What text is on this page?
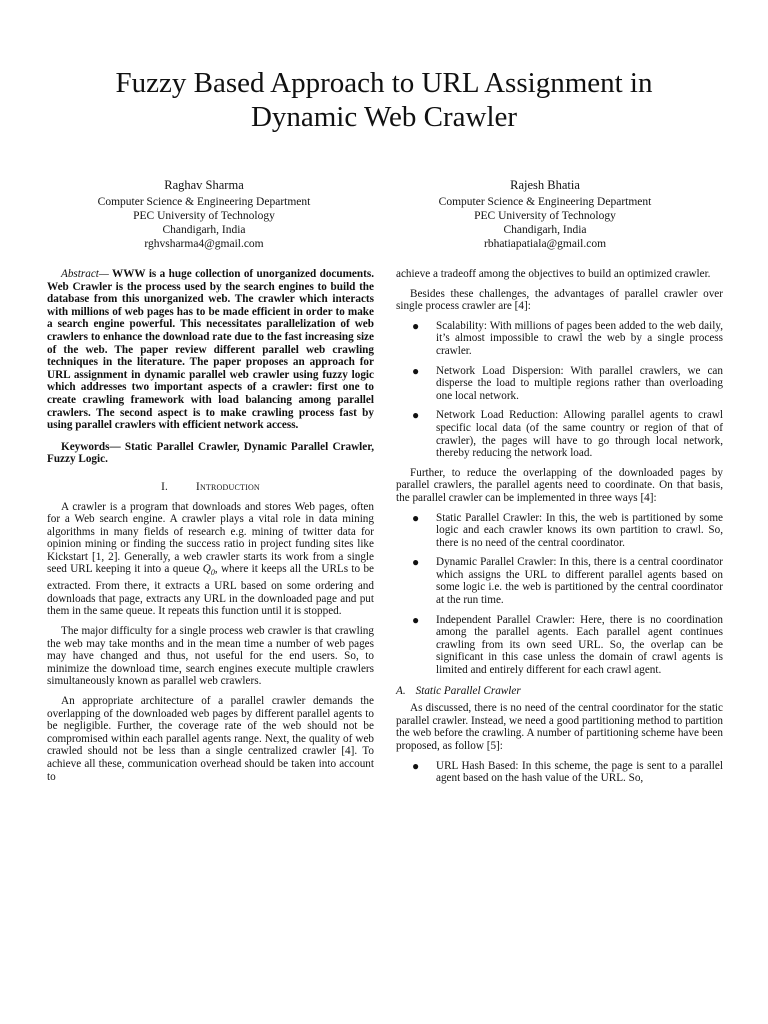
Fuzzy Based Approach to URL Assignment in
Dynamic Web Crawler
Raghav Sharma
Computer Science & Engineering Department
PEC University of Technology
Chandigarh, India
rghvsharma4@gmail.com
Rajesh Bhatia
Computer Science & Engineering Department
PEC University of Technology
Chandigarh, India
rbhatiapatiala@gmail.com

Abstract— WWW is a huge collection of unorganized documents. Web Crawler is the process used by the search engines to build the database from this unorganized web. The crawler which interacts with millions of web pages has to be made efficient in order to make a search engine powerful. This necessitates parallelization of web crawlers to enhance the download rate due to the fast increasing size of the web. The paper review different parallel web crawling techniques in the literature. The paper proposes an approach for URL assignment in dynamic parallel web crawler using fuzzy logic which addresses two important aspects of a crawler: first one to create crawling framework with load balancing among parallel crawlers. The second aspect is to make crawling process fast by using parallel crawlers with efficient network access.

Keywords— Static Parallel Crawler, Dynamic Parallel Crawler, Fuzzy Logic.

I.	Introduction

A crawler is a program that downloads and stores Web pages, often for a Web search engine. A crawler plays a vital role in data mining algorithms in many fields of research e.g. mining of twitter data for opinion mining or finding the success ratio in project funding sites like Kickstart [1, 2]. Generally, a web crawler starts its work from a single seed URL keeping it into a queue $Q_0$, where it keeps all the URLs to be extracted. From there, it extracts a URL based on some ordering and downloads that page, extracts any URL in the downloaded page and put them in the same queue. It repeats this function until it is stopped.

The major difficulty for a single process web crawler is that crawling the web may take months and in the mean time a number of web pages may have changed and thus, not useful for the end users. So, to minimize the download time, search engines execute multiple crawlers simultaneously known as parallel web crawlers.

An appropriate architecture of a parallel crawler demands the overlapping of the downloaded web pages by different parallel agents to be negligible. Further, the coverage rate of the web should not be compromised within each parallel agents range. Next, the quality of web crawled should not be less than a single centralized crawler [4]. To achieve all these, communication overhead should be taken into account to

achieve a tradeoff among the objectives to build an optimized crawler.

Besides these challenges, the advantages of parallel crawler over single process crawler are [4]:

● Scalability: With millions of pages been added to the web daily, it’s almost impossible to crawl the web by a single process crawler.
● Network Load Dispersion: With parallel crawlers, we can disperse the load to multiple regions rather than overloading one local network.
● Network Load Reduction: Allowing parallel agents to crawl specific local data (of the same country or region of that of crawler), the pages will have to go through local network, thereby reducing the network load.

Further, to reduce the overlapping of the downloaded pages by parallel crawlers, the parallel agents need to coordinate. On that basis, the parallel crawler can be implemented in three ways [4]:

● Static Parallel Crawler: In this, the web is partitioned by some logic and each crawler knows its own partition to crawl. So, there is no need of the central coordinator.
● Dynamic Parallel Crawler: In this, there is a central coordinator which assigns the URL to different parallel agents based on some logic i.e. the web is partitioned by the central coordinator at the run time.
● Independent Parallel Crawler: Here, there is no coordination among the parallel agents. Each parallel agent continues crawling from its own seed URL. So, the overlap can be significant in this case unless the domain of crawl agents is limited and entirely different for each crawl agent.
A. Static Parallel Crawler

As discussed, there is no need of the central coordinator for the static parallel crawler. Instead, we need a good partitioning method to partition the web before the crawling. A number of partitioning scheme have been proposed, as follow [5]:

● URL Hash Based: In this scheme, the page is sent to a parallel agent based on the hash value of the URL. So,
